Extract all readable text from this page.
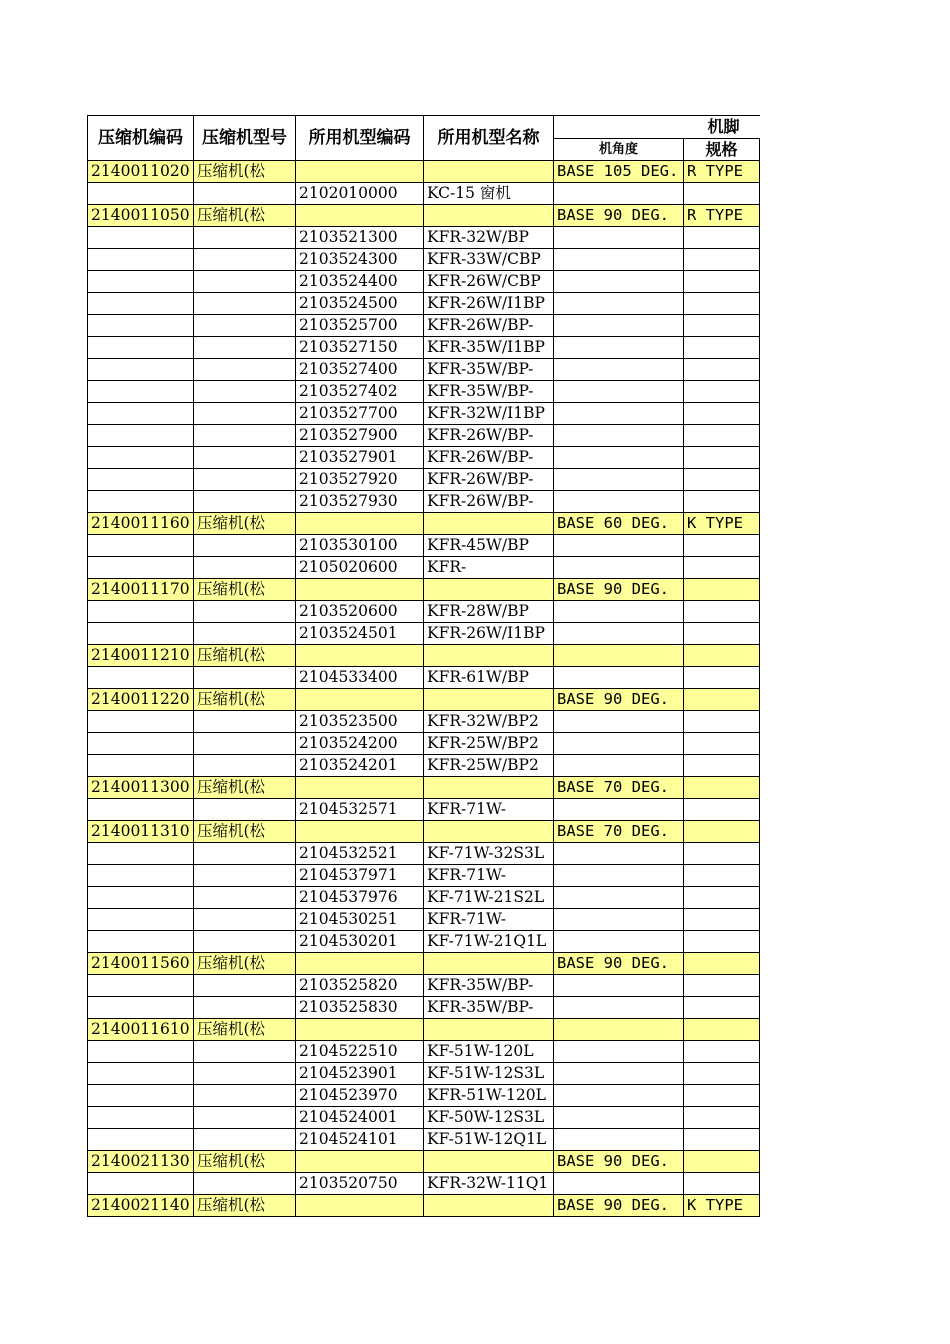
压缩机编码	压缩机型号	所用机型编码	所用机型名称	机脚	
				机角度	规格
2140011020	压缩机(松			BASE 105 DEG.	R TYPE
		2102010000	KC-15 窗机		
2140011050	压缩机(松			BASE 90 DEG.	R TYPE
		2103521300	KFR-32W/BP		
		2103524300	KFR-33W/CBP		
		2103524400	KFR-26W/CBP		
		2103524500	KFR-26W/I1BP		
		2103525700	KFR-26W/BP-		
		2103527150	KFR-35W/I1BP		
		2103527400	KFR-35W/BP-		
		2103527402	KFR-35W/BP-		
		2103527700	KFR-32W/I1BP		
		2103527900	KFR-26W/BP-		
		2103527901	KFR-26W/BP-		
		2103527920	KFR-26W/BP-		
		2103527930	KFR-26W/BP-		
2140011160	压缩机(松			BASE 60 DEG.	K TYPE
		2103530100	KFR-45W/BP		
		2105020600	KFR-		
2140011170	压缩机(松			BASE 90 DEG.	
		2103520600	KFR-28W/BP		
		2103524501	KFR-26W/I1BP		
2140011210	压缩机(松				
		2104533400	KFR-61W/BP		
2140011220	压缩机(松			BASE 90 DEG.	
		2103523500	KFR-32W/BP2		
		2103524200	KFR-25W/BP2		
		2103524201	KFR-25W/BP2		
2140011300	压缩机(松			BASE 70 DEG.	
		2104532571	KFR-71W-		
2140011310	压缩机(松			BASE 70 DEG.	
		2104532521	KF-71W-32S3L		
		2104537971	KFR-71W-		
		2104537976	KF-71W-21S2L		
		2104530251	KFR-71W-		
		2104530201	KF-71W-21Q1L		
2140011560	压缩机(松			BASE 90 DEG.	
		2103525820	KFR-35W/BP-		
		2103525830	KFR-35W/BP-		
2140011610	压缩机(松				
		2104522510	KF-51W-120L		
		2104523901	KF-51W-12S3L		
		2104523970	KFR-51W-120L		
		2104524001	KF-50W-12S3L		
		2104524101	KF-51W-12Q1L		
2140021130	压缩机(松			BASE 90 DEG.	
		2103520750	KFR-32W-11Q1		
2140021140	压缩机(松			BASE 90 DEG.	K TYPE
